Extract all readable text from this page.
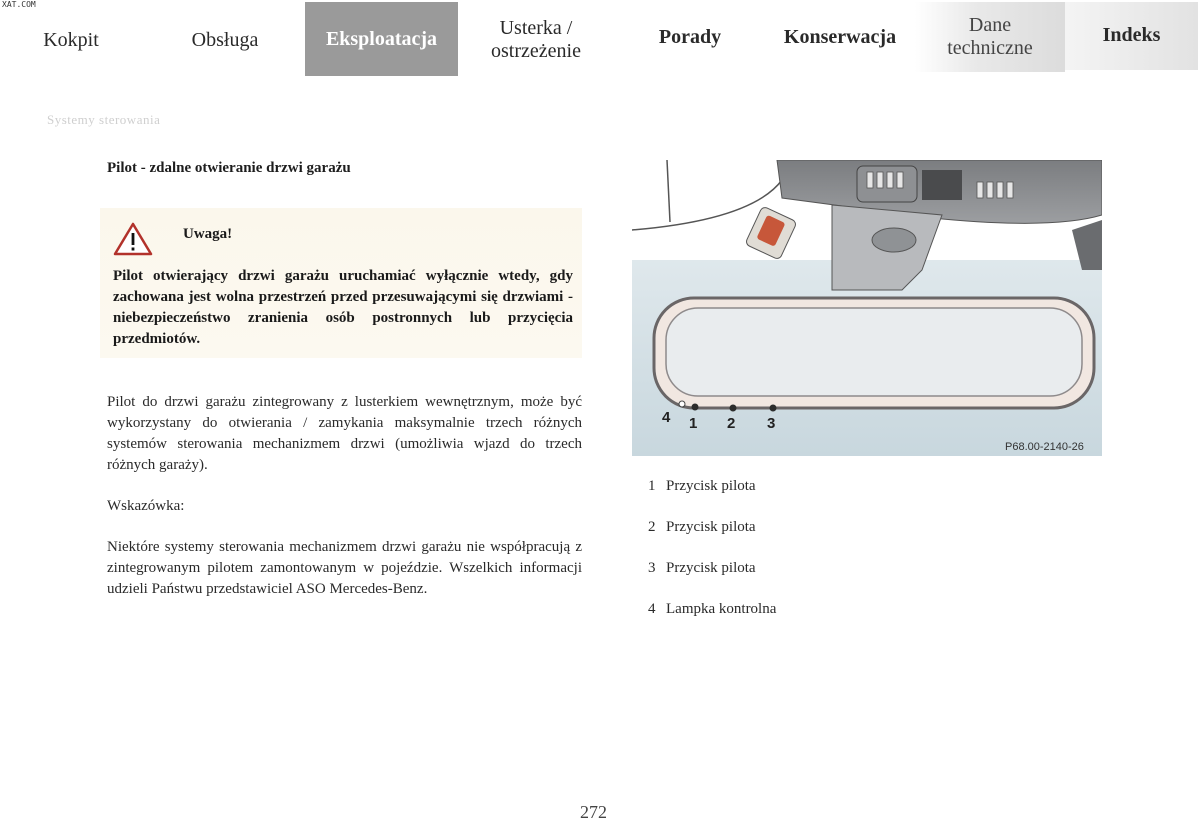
XAT.COM
Kokpit	Obsługa	Eksploatacja	Usterka /
ostrzeżenie
Porady	Konserwacja
Dane
techniczne
Indeks
Systemy sterowania
Pilot - zdalne otwieranie drzwi garażu
Uwaga!
Pilot otwierający drzwi garażu uruchamiać wyłącznie wtedy, gdy zachowana jest wolna przestrzeń przed przesuwającymi się drzwiami - niebezpieczeństwo zranienia osób postronnych lub przycięcia przedmiotów.
Pilot do drzwi garażu zintegrowany z lusterkiem wewnętrznym, może być wykorzystany do otwierania / zamykania maksymalnie trzech różnych systemów sterowania mechanizmem drzwi (umożliwia wjazd do trzech różnych garaży).
Wskazówka:
Niektóre systemy sterowania mechanizmem drzwi garażu nie współpracują z zintegrowanym pilotem zamontowanym w pojeździe. Wszelkich informacji udzieli Państwu przedstawiciel ASO Mercedes-Benz.
4 1 2 3
P68.00-2140-26
1 Przycisk pilota
2 Przycisk pilota
3 Przycisk pilota
4 Lampka kontrolna
272
